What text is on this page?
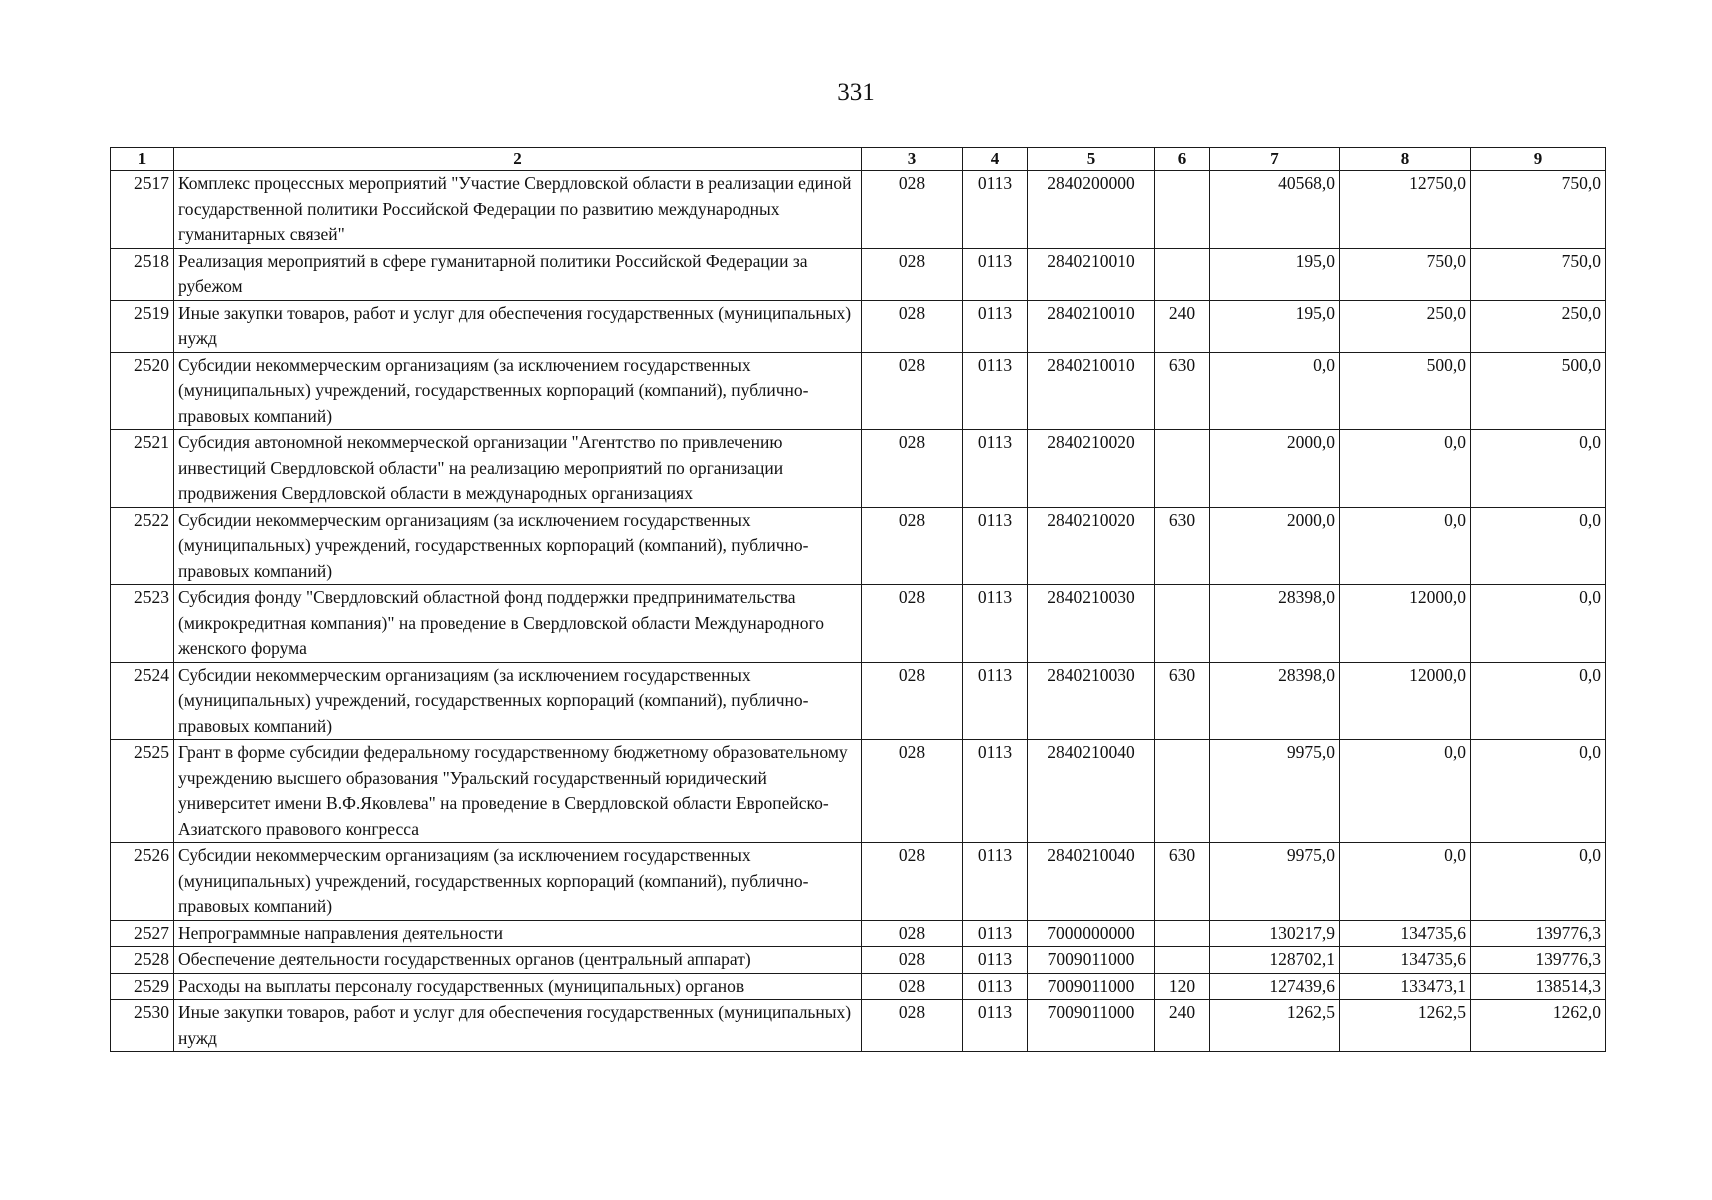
331
1	2	3	4	5	6	7	8	9
2517	Комплекс процессных мероприятий "Участие Свердловской области в реализации единой государственной политики Российской Федерации по развитию международных гуманитарных связей"	028	0113	2840200000		40568,0	12750,0	750,0
2518	Реализация мероприятий в сфере гуманитарной политики Российской Федерации за рубежом	028	0113	2840210010		195,0	750,0	750,0
2519	Иные закупки товаров, работ и услуг для обеспечения государственных (муниципальных) нужд	028	0113	2840210010	240	195,0	250,0	250,0
2520	Субсидии некоммерческим организациям (за исключением государственных (муниципальных) учреждений, государственных корпораций (компаний), публично-правовых компаний)	028	0113	2840210010	630	0,0	500,0	500,0
2521	Субсидия автономной некоммерческой организации "Агентство по привлечению инвестиций Свердловской области" на реализацию мероприятий по организации продвижения Свердловской области в международных организациях	028	0113	2840210020		2000,0	0,0	0,0
2522	Субсидии некоммерческим организациям (за исключением государственных (муниципальных) учреждений, государственных корпораций (компаний), публично-правовых компаний)	028	0113	2840210020	630	2000,0	0,0	0,0
2523	Субсидия фонду "Свердловский областной фонд поддержки предпринимательства (микрокредитная компания)" на проведение в Свердловской области Международного женского форума	028	0113	2840210030		28398,0	12000,0	0,0
2524	Субсидии некоммерческим организациям (за исключением государственных (муниципальных) учреждений, государственных корпораций (компаний), публично-правовых компаний)	028	0113	2840210030	630	28398,0	12000,0	0,0
2525	Грант в форме субсидии федеральному государственному бюджетному образовательному учреждению высшего образования "Уральский государственный юридический университет имени В.Ф.Яковлева" на проведение в Свердловской области Европейско-Азиатского правового конгресса	028	0113	2840210040		9975,0	0,0	0,0
2526	Субсидии некоммерческим организациям (за исключением государственных (муниципальных) учреждений, государственных корпораций (компаний), публично-правовых компаний)	028	0113	2840210040	630	9975,0	0,0	0,0
2527	Непрограммные направления деятельности	028	0113	7000000000		130217,9	134735,6	139776,3
2528	Обеспечение деятельности государственных органов (центральный аппарат)	028	0113	7009011000		128702,1	134735,6	139776,3
2529	Расходы на выплаты персоналу государственных (муниципальных) органов	028	0113	7009011000	120	127439,6	133473,1	138514,3
2530	Иные закупки товаров, работ и услуг для обеспечения государственных (муниципальных) нужд	028	0113	7009011000	240	1262,5	1262,5	1262,0
